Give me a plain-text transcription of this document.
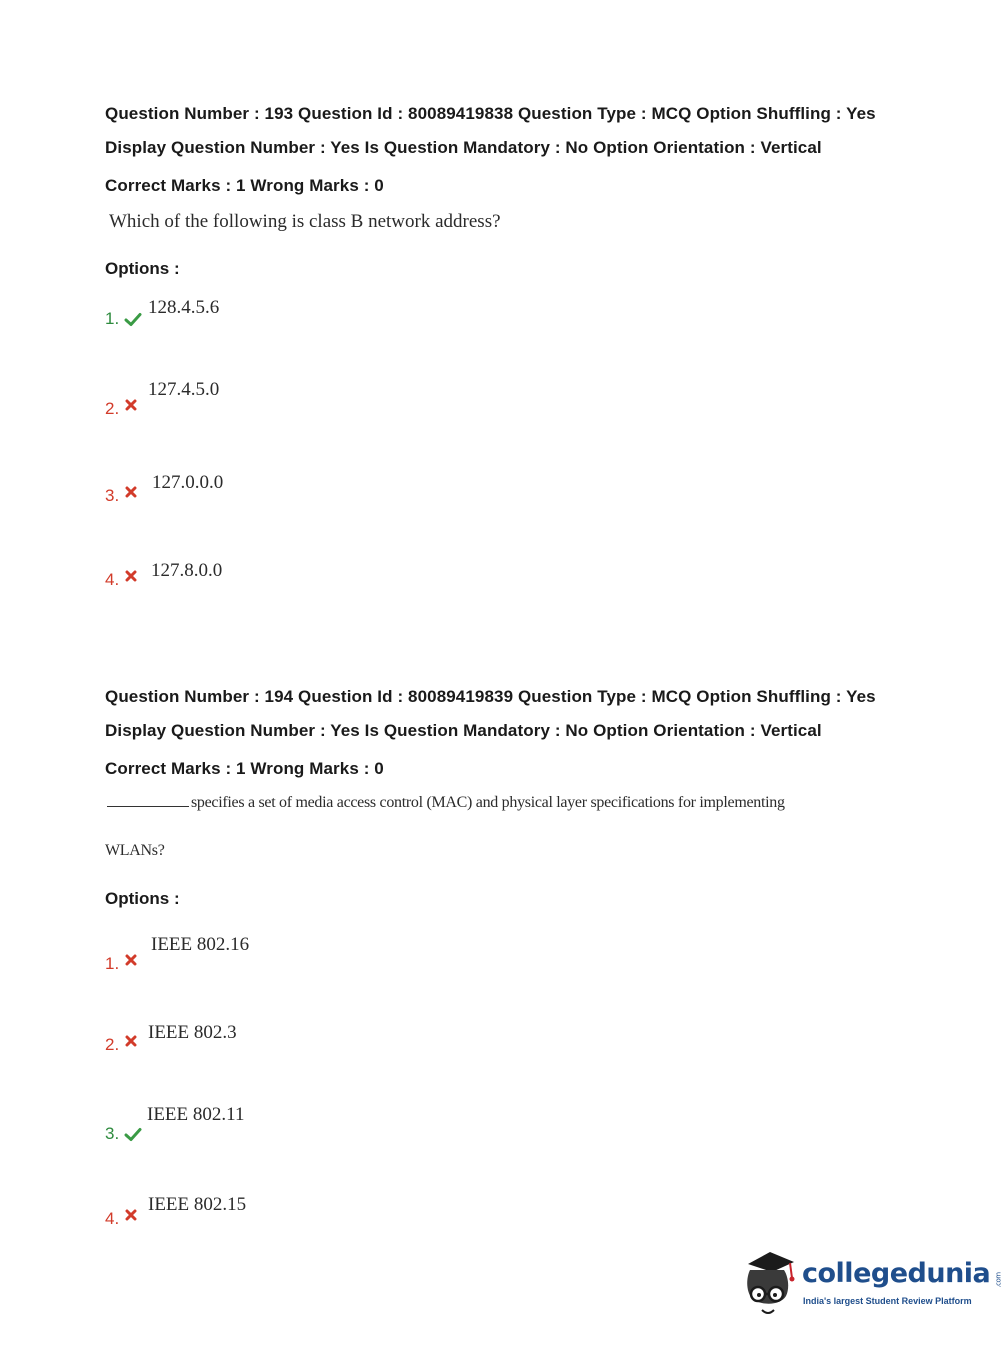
Question Number : 193 Question Id : 80089419838 Question Type : MCQ Option Shuffling : Yes
Display Question Number : Yes Is Question Mandatory : No Option Orientation : Vertical
Correct Marks : 1 Wrong Marks : 0
Which of the following is class B network address?
Options :
1.
128.4.5.6
2.
127.4.5.0
3.
127.0.0.0
4. 127.8.0.0
Question Number : 194 Question Id : 80089419839 Question Type : MCQ Option Shuffling : Yes
Display Question Number : Yes Is Question Mandatory : No Option Orientation : Vertical
Correct Marks : 1 Wrong Marks : 0
specifies a set of media access control (MAC) and physical layer specifications for implementing
WLANs?
Options :
1.
IEEE 802.16
2.
IEEE 802.3
3.
IEEE 802.11
4.
IEEE 802.15
collegedunia .com
India's largest Student Review Platform
